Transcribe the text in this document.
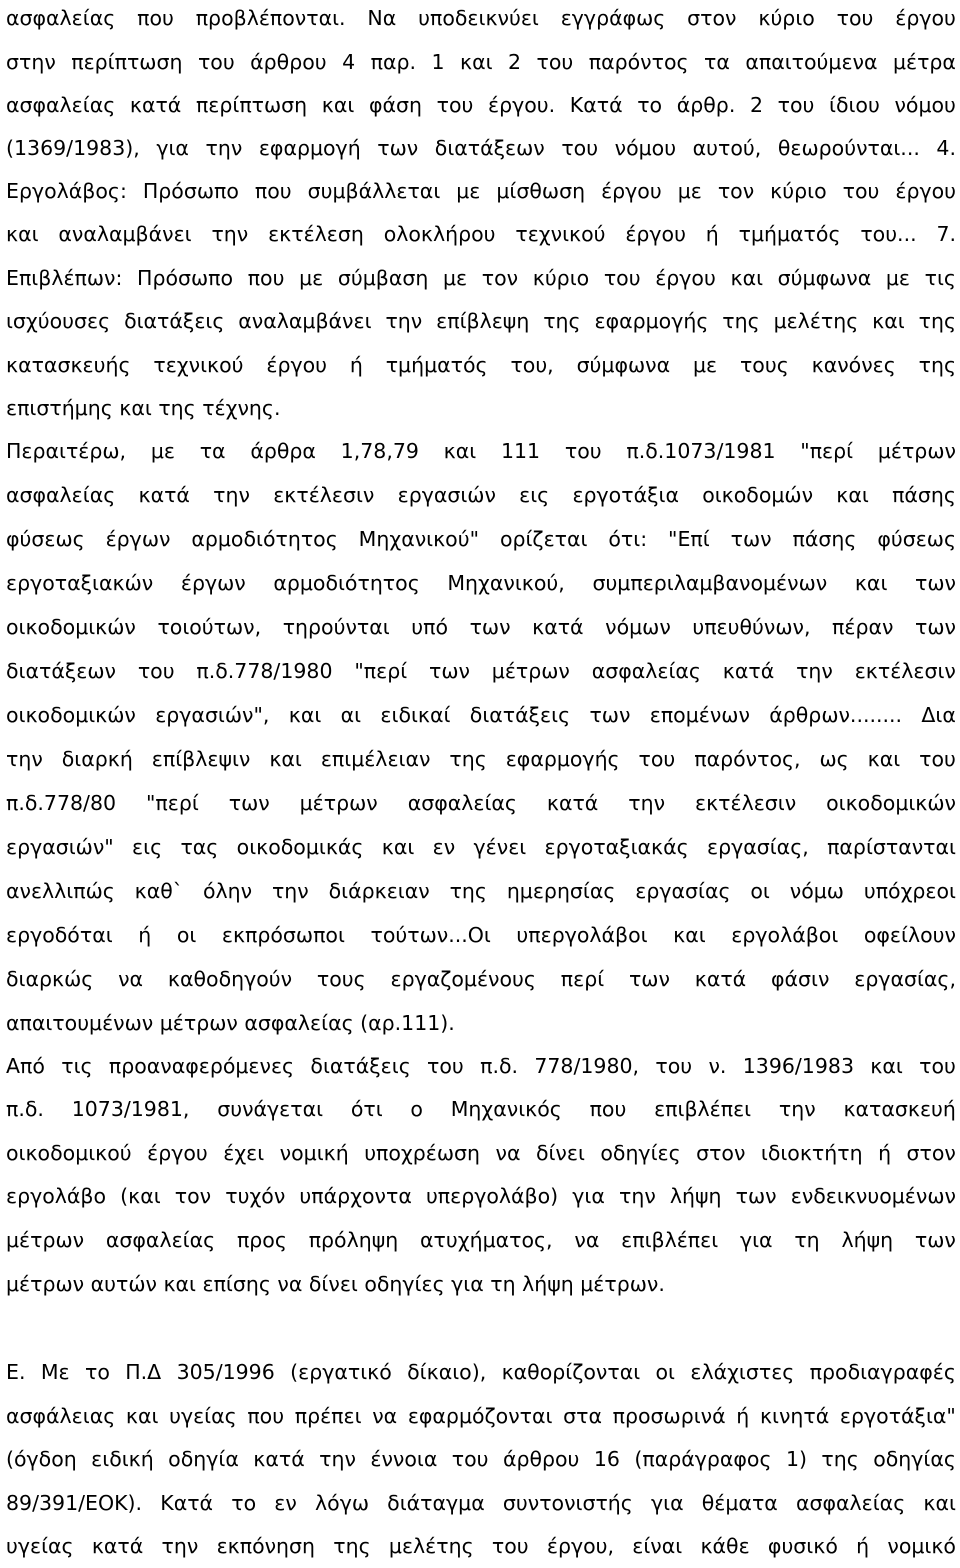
ασφαλείας που προβλέπονται. Να υποδεικνύει εγγράφως στον κύριο του έργου
στην περίπτωση του άρθρου 4 παρ. 1 και 2 του παρόντος τα απαιτούμενα μέτρα
ασφαλείας κατά περίπτωση και φάση του έργου. Κατά το άρθρ. 2 του ίδιου νόμου
(1369/1983), για την εφαρμογή των διατάξεων του νόμου αυτού, θεωρούνται... 4.
Εργολάβος: Πρόσωπο που συμβάλλεται με μίσθωση έργου με τον κύριο του έργου
και αναλαμβάνει την εκτέλεση ολοκλήρου τεχνικού έργου ή τμήματός του... 7.
Επιβλέπων: Πρόσωπο που με σύμβαση με τον κύριο του έργου και σύμφωνα με τις
ισχύουσες διατάξεις αναλαμβάνει την επίβλεψη της εφαρμογής της μελέτης και της
κατασκευής τεχνικού έργου ή τμήματός του, σύμφωνα με τους κανόνες της
επιστήμης και της τέχνης.
Περαιτέρω, με τα άρθρα 1,78,79 και 111 του π.δ.1073/1981 "περί μέτρων
ασφαλείας κατά την εκτέλεσιν εργασιών εις εργοτάξια οικοδομών και πάσης
φύσεως έργων αρμοδιότητος Μηχανικού" ορίζεται ότι: "Επί των πάσης φύσεως
εργοταξιακών έργων αρμοδιότητος Μηχανικού, συμπεριλαμβανομένων και των
οικοδομικών τοιούτων, τηρούνται υπό των κατά νόμων υπευθύνων, πέραν των
διατάξεων του π.δ.778/1980 "περί των μέτρων ασφαλείας κατά την εκτέλεσιν
οικοδομικών εργασιών", και αι ειδικαί διατάξεις των επομένων άρθρων........ Δια
την διαρκή επίβλεψιν και επιμέλειαν της εφαρμογής του παρόντος, ως και του
π.δ.778/80 "περί των μέτρων ασφαλείας κατά την εκτέλεσιν οικοδομικών
εργασιών" εις τας οικοδομικάς και εν γένει εργοταξιακάς εργασίας, παρίστανται
ανελλιπώς καθ` όλην την διάρκειαν της ημερησίας εργασίας οι νόμω υπόχρεοι
εργοδόται ή οι εκπρόσωποι τούτων...Οι υπεργολάβοι και εργολάβοι οφείλουν
διαρκώς να καθοδηγούν τους εργαζομένους περί των κατά φάσιν εργασίας,
απαιτουμένων μέτρων ασφαλείας (αρ.111).
Από τις προαναφερόμενες διατάξεις του π.δ. 778/1980, του ν. 1396/1983 και του
π.δ. 1073/1981, συνάγεται ότι ο Μηχανικός που επιβλέπει την κατασκευή
οικοδομικού έργου έχει νομική υποχρέωση να δίνει οδηγίες στον ιδιοκτήτη ή στον
εργολάβο (και τον τυχόν υπάρχοντα υπεργολάβο) για την λήψη των ενδεικνυομένων
μέτρων ασφαλείας προς πρόληψη ατυχήματος, να επιβλέπει για τη λήψη των
μέτρων αυτών και επίσης να δίνει οδηγίες για τη λήψη μέτρων.
Ε. Με το Π.Δ 305/1996 (εργατικό δίκαιο), καθορίζονται οι ελάχιστες προδιαγραφές
ασφάλειας και υγείας που πρέπει να εφαρμόζονται στα προσωρινά ή κινητά εργοτάξια"
(όγδοη ειδική οδηγία κατά την έννοια του άρθρου 16 (παράγραφος 1) της οδηγίας
89/391/ΕΟΚ). Κατά το εν λόγω διάταγμα συντονιστής για θέματα ασφαλείας και
υγείας κατά την εκπόνηση της μελέτης του έργου, είναι κάθε φυσικό ή νομικό
